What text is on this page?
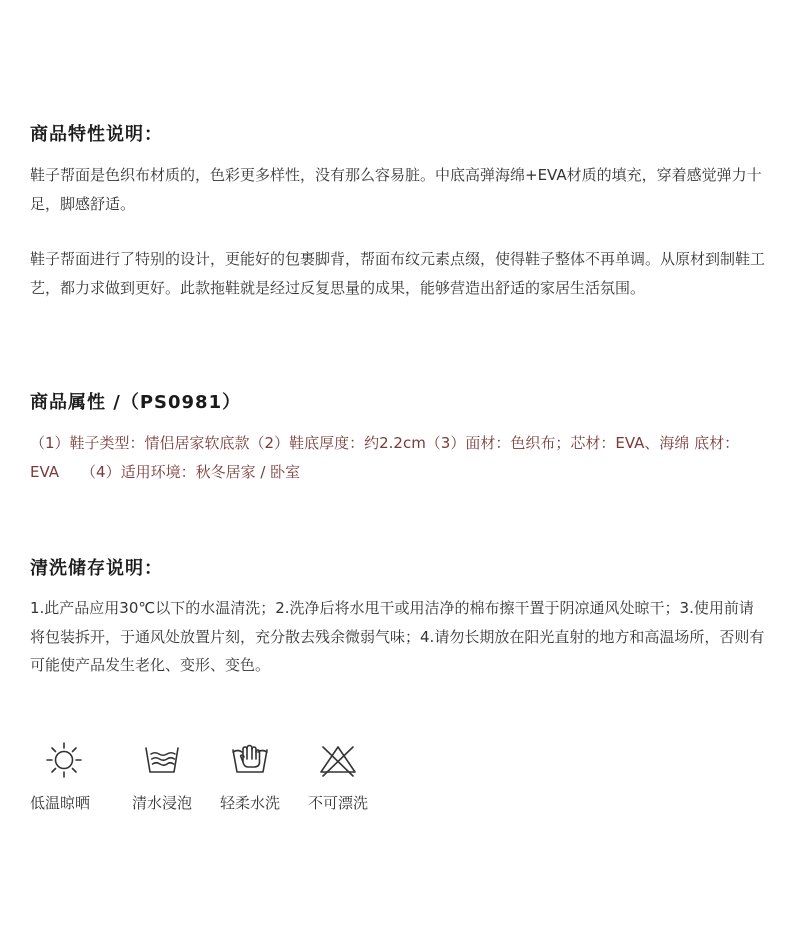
商品特性说明：

鞋子帮面是色织布材质的，色彩更多样性，没有那么容易脏。中底高弹海绵+EVA材质的填充，穿着感觉弹力十足，脚感舒适。

鞋子帮面进行了特别的设计，更能好的包裹脚背，帮面布纹元素点缀，使得鞋子整体不再单调。从原材到制鞋工艺，都力求做到更好。此款拖鞋就是经过反复思量的成果，能够营造出舒适的家居生活氛围。

商品属性 /（PS0981）

（1）鞋子类型：情侣居家软底款（2）鞋底厚度：约2.2cm（3）面材：色织布；芯材：EVA、海绵 底材：EVA （4）适用环境：秋冬居家 / 卧室

清洗储存说明：

1.此产品应用30℃以下的水温清洗；2.洗净后将水甩干或用洁净的棉布擦干置于阴凉通风处晾干；3.使用前请将包装拆开，于通风处放置片刻，充分散去残余微弱气味；4.请勿长期放在阳光直射的地方和高温场所，否则有可能使产品发生老化、变形、变色。

低温晾晒	清水浸泡 轻柔水洗 不可漂洗
